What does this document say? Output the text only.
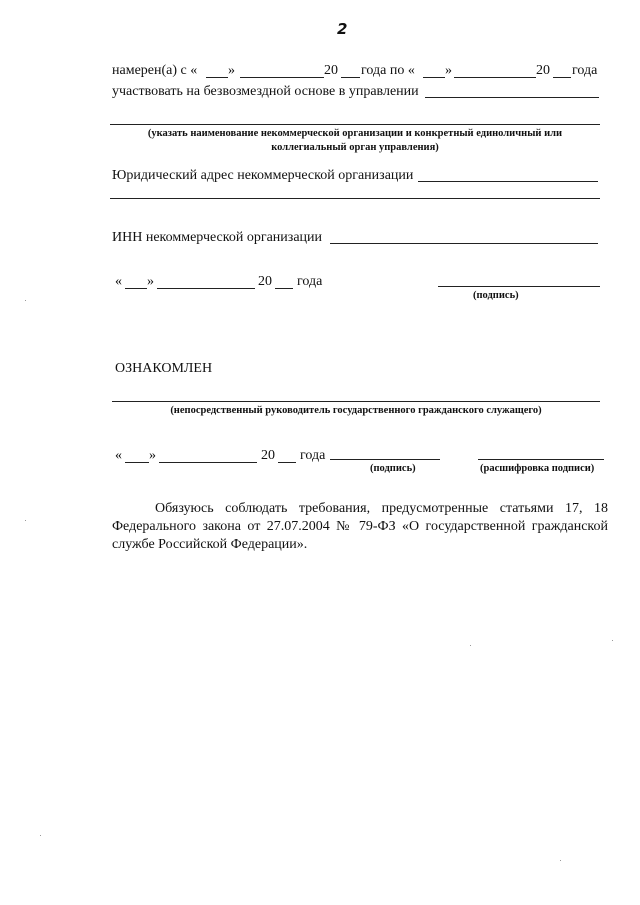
2
намерен(а) с « »	20 года по « »	20 года
участвовать на безвозмездной основе в управлении
(указать наименование некоммерческой организации и конкретный единоличный или
коллегиальный орган управления)
Юридический адрес некоммерческой организации
ИНН некоммерческой организации
« »	20 года
(подпись)
ОЗНАКОМЛЕН
(непосредственный руководитель государственного гражданского служащего)
« »	20 года
(подпись)	(расшифровка подписи)
Обязуюсь соблюдать требования, предусмотренные статьями 17, 18 Федерального закона от 27.07.2004 № 79-ФЗ «О государственной гражданской службе Российской Федерации».
